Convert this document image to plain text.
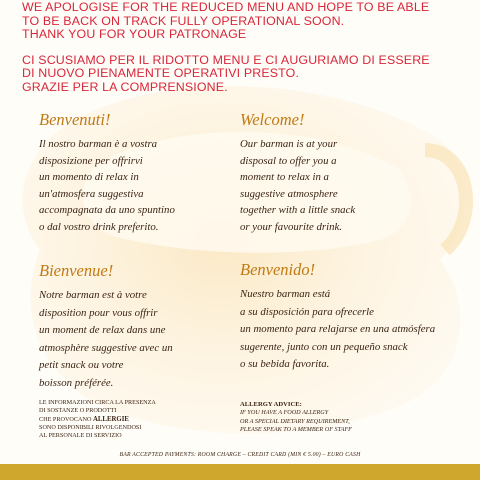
WE APOLOGISE FOR THE REDUCED MENU AND HOPE TO BE ABLE
TO BE BACK ON TRACK FULLY OPERATIONAL SOON.
THANK YOU FOR YOUR PATRONAGE
CI SCUSIAMO PER IL RIDOTTO MENU E CI AUGURIAMO DI ESSERE
DI NUOVO PIENAMENTE OPERATIVI PRESTO.
GRAZIE PER LA COMPRENSIONE.
Benvenuti!
Il nostro barman è a vostra
disposizione per offrirvi
un momento di relax in
un'atmosfera suggestiva
accompagnata da uno spuntino
o dal vostro drink preferito.
Welcome!
Our barman is at your
disposal to offer you a
moment to relax in a
suggestive atmosphere
together with a little snack
or your favourite drink.
Bienvenue!
Notre barman est à votre
disposition pour vous offrir
un moment de relax dans une
atmosphère suggestive avec un
petit snack ou votre
boisson préférée.
Benvenido!
Nuestro barman está
a su disposición para ofrecerle
un momento para relajarse en una atmósfera
sugerente, junto con un pequeño snack
o su bebida favorita.
LE INFORMAZIONI CIRCA LA PRESENZA
DI SOSTANZE O PRODOTTI
CHE PROVOCANO ALLERGIE
SONO DISPONIBILI RIVOLGENDOSI
AL PERSONALE DI SERVIZIO
ALLERGY ADVICE:
IF YOU HAVE A FOOD ALLERGY
OR A SPECIAL DIETARY REQUIREMENT,
PLEASE SPEAK TO A MEMBER OF STAFF
BAR ACCEPTED PAYMENTS: ROOM CHARGE – CREDIT CARD (MIN € 5.00) – EURO CASH
